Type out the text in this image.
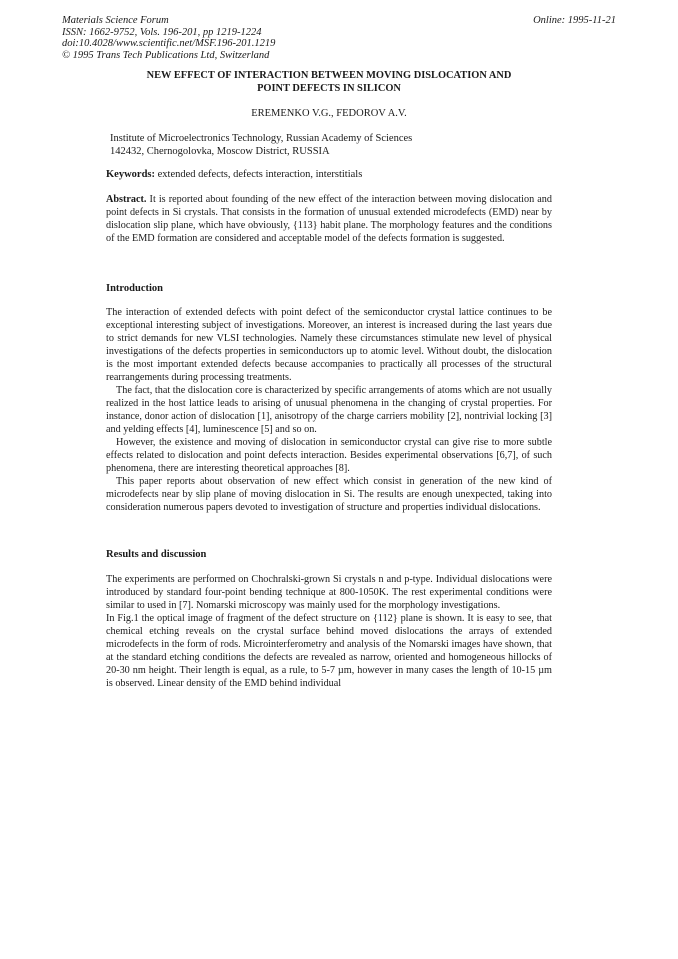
Materials Science Forum
ISSN: 1662-9752, Vols. 196-201, pp 1219-1224
doi:10.4028/www.scientific.net/MSF.196-201.1219
© 1995 Trans Tech Publications Ltd, Switzerland
Online: 1995-11-21
NEW EFFECT OF INTERACTION BETWEEN MOVING DISLOCATION AND
POINT DEFECTS IN SILICON
EREMENKO V.G., FEDOROV A.V.
Institute of Microelectronics Technology, Russian Academy of Sciences
142432, Chernogolovka, Moscow District, RUSSIA
Keywords: extended defects, defects interaction, interstitials

Abstract. It is reported about founding of the new effect of the interaction between moving dislocation and point defects in Si crystals. That consists in the formation of unusual extended microdefects (EMD) near by dislocation slip plane, which have obviously, {113} habit plane. The morphology features and the conditions of the EMD formation are considered and acceptable model of the defects formation is suggested.

Introduction

The interaction of extended defects with point defect of the semiconductor crystal lattice continues to be exceptional interesting subject of investigations. Moreover, an interest is increased during the last years due to strict demands for new VLSI technologies. Namely these circumstances stimulate new level of physical investigations of the defects properties in semiconductors up to atomic level. Without doubt, the dislocation is the most important extended defects because accompanies to practically all processes of the structural rearrangements during processing treatments.

The fact, that the dislocation core is characterized by specific arrangements of atoms which are not usually realized in the host lattice leads to arising of unusual phenomena in the changing of crystal properties. For instance, donor action of dislocation [1], anisotropy of the charge carriers mobility [2], nontrivial locking [3] and yelding effects [4], luminescence [5] and so on.

However, the existence and moving of dislocation in semiconductor crystal can give rise to more subtle effects related to dislocation and point defects interaction. Besides experimental observations [6,7], of such phenomena, there are interesting theoretical approaches [8].

This paper reports about observation of new effect which consist in generation of the new kind of microdefects near by slip plane of moving dislocation in Si. The results are enough unexpected, taking into consideration numerous papers devoted to investigation of structure and properties individual dislocations.

Results and discussion

The experiments are performed on Chochralski-grown Si crystals n and p-type. Individual dislocations were introduced by standard four-point bending technique at 800-1050K. The rest experimental conditions were similar to used in [7]. Nomarski microscopy was mainly used for the morphology investigations.

In Fig.1 the optical image of fragment of the defect structure on {112} plane is shown. It is easy to see, that chemical etching reveals on the crystal surface behind moved dislocations the arrays of extended microdefects in the form of rods. Microinterferometry and analysis of the Nomarski images have shown, that at the standard etching conditions the defects are revealed as narrow, oriented and homogeneous hillocks of 20-30 nm height. Their length is equal, as a rule, to 5-7 µm, however in many cases the length of 10-15 µm is observed. Linear density of the EMD behind individual
